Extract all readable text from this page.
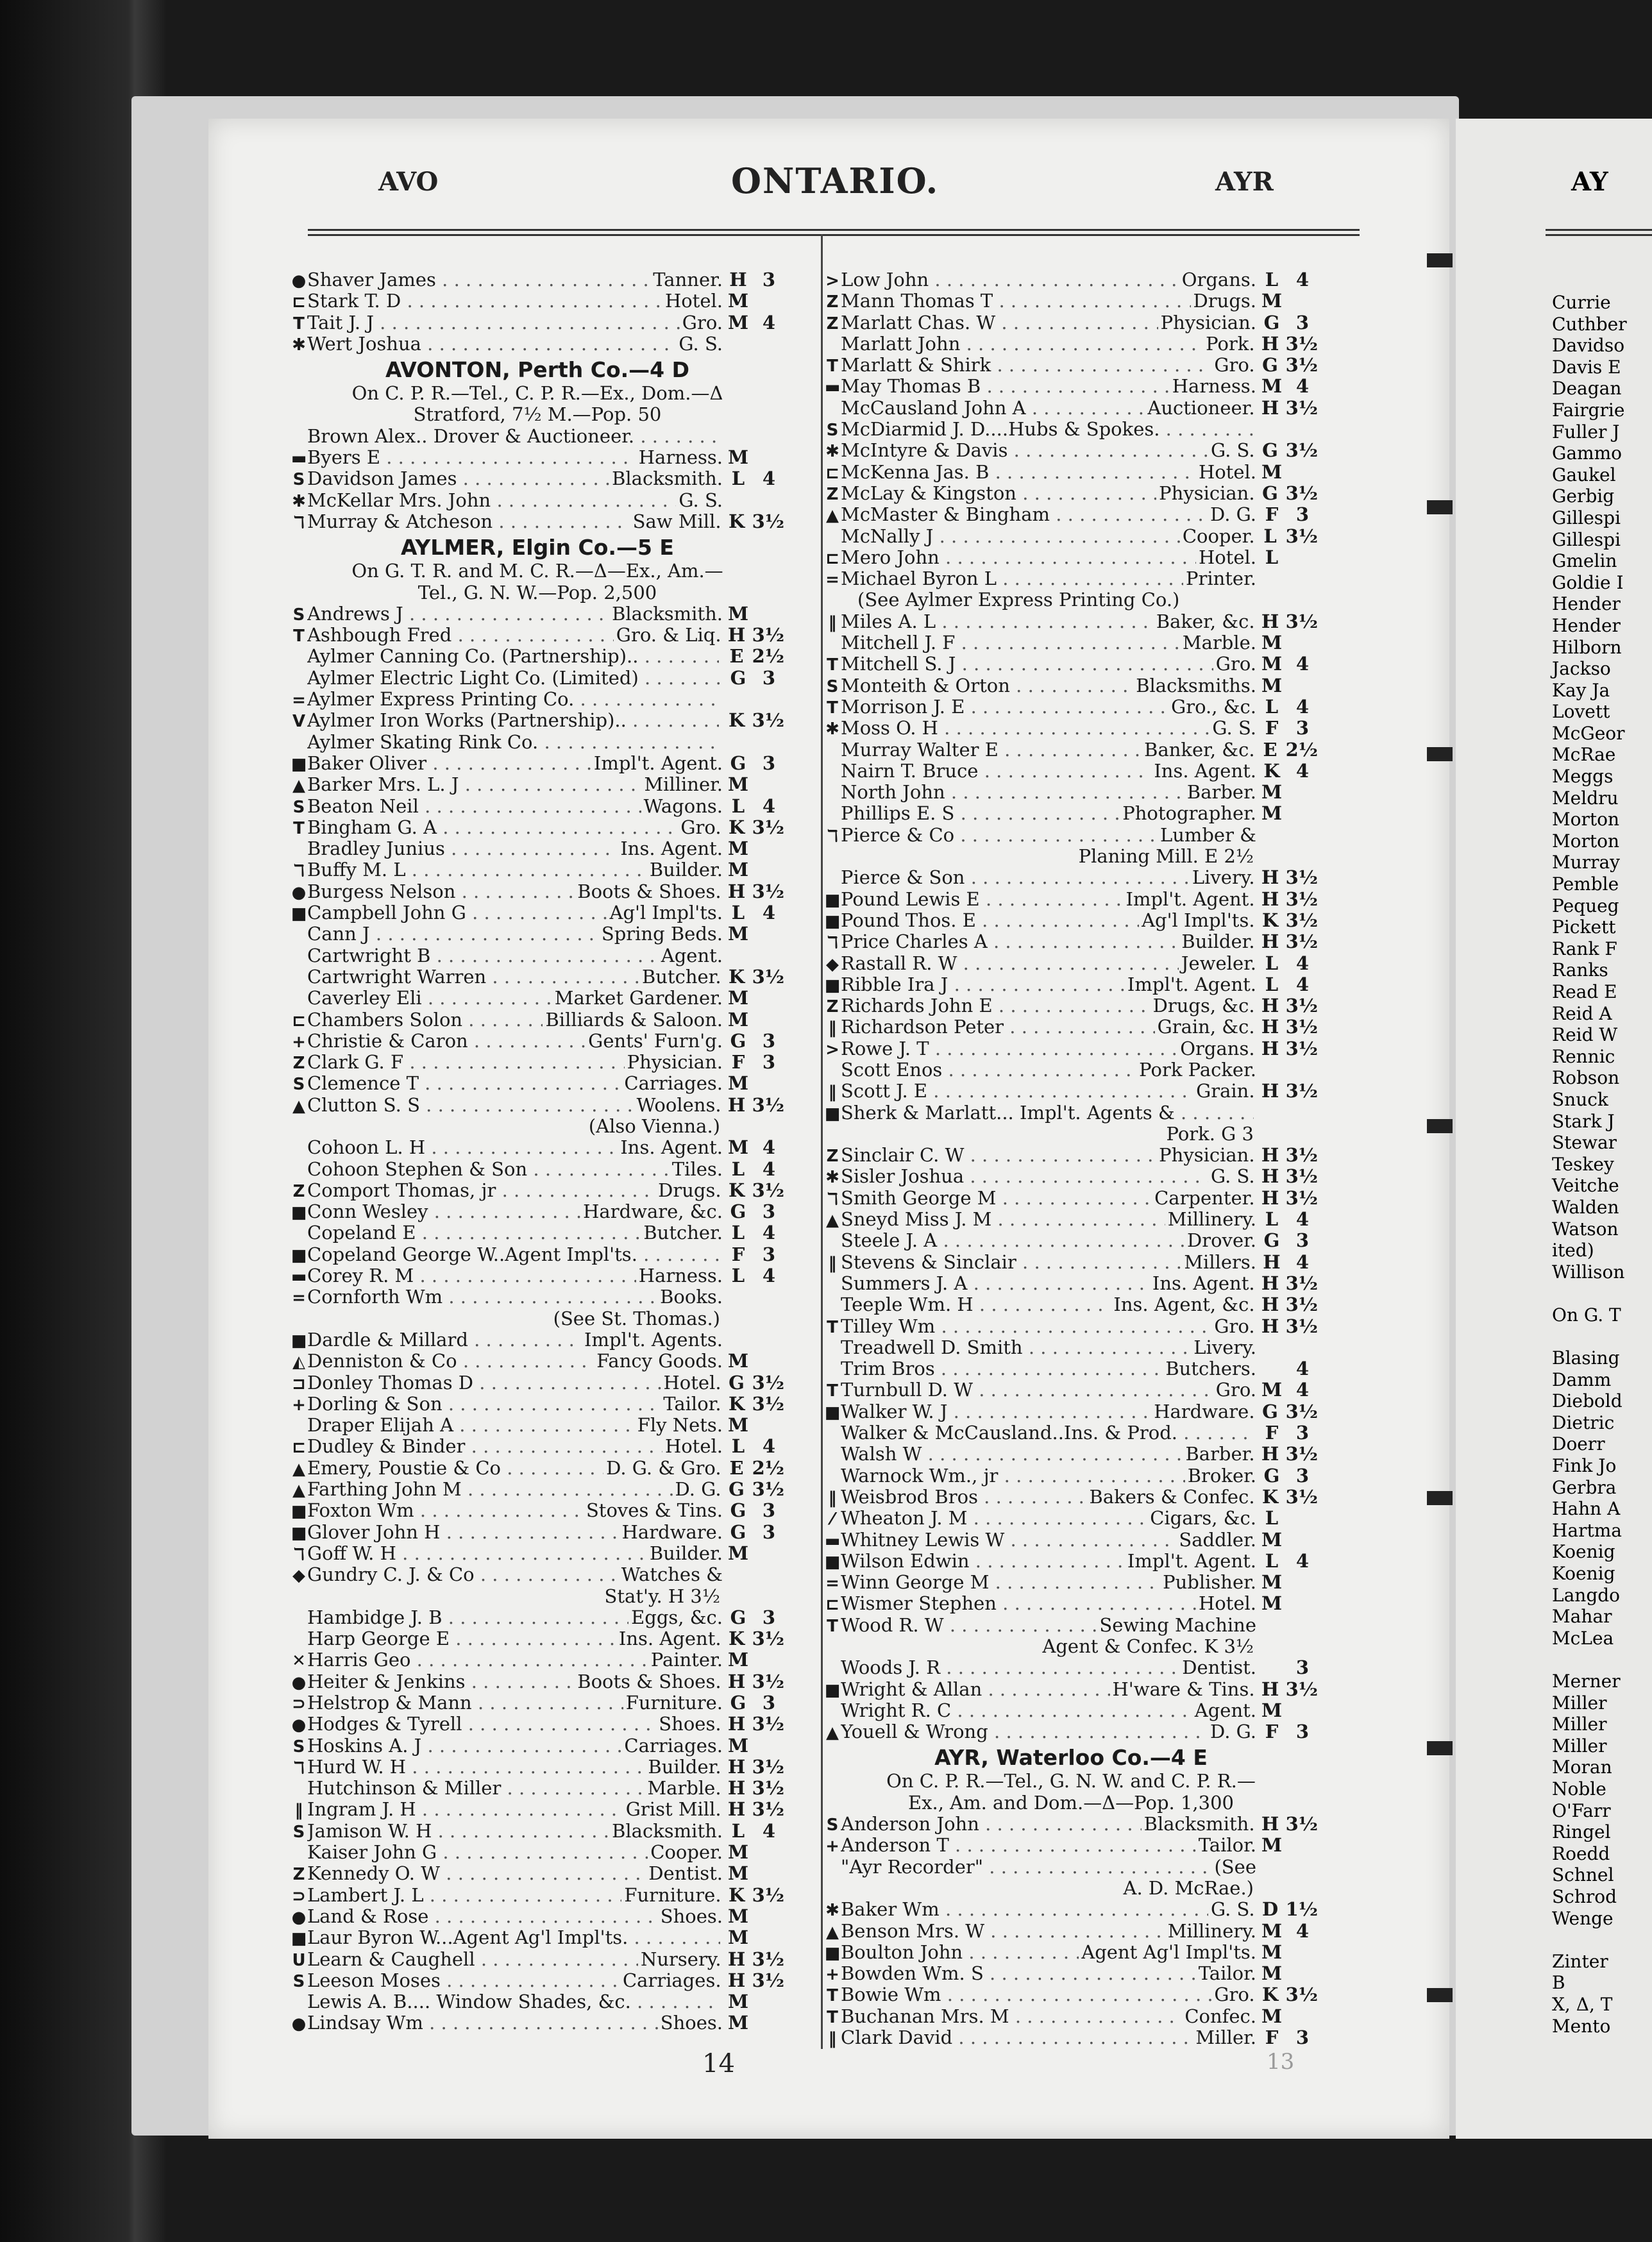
AVO	ONTARIO.	AYR
● Shaver James . . .	Tanner. H 3
⊏ Stark T. D . . .	Hotel. M
T Tait J. J . . .	Gro. M 4
✱ Wert Joshua . . .	G. S.
AVONTON, Perth Co.—4 D
On C. P. R.—Tel., C. P. R.—Ex., Dom.—Δ
Stratford, 7½ M.—Pop. 50
Brown Alex.. Drover & Auctioneer. . . .
▬ Byers E . . .	Harness. M
S Davidson James . . .	Blacksmith. L 4
✱ McKellar Mrs. John . . .	G. S.
ℸ Murray & Atcheson . . .	Saw Mill. K 3½
AYLMER, Elgin Co.—5 E
On G. T. R. and M. C. R.—Δ—Ex., Am.—
Tel., G. N. W.—Pop. 2,500
S Andrews J . . .	Blacksmith. M
T Ashbough Fred . . .	Gro. & Liq. H 3½
Aylmer Canning Co. (Partnership).. . . .	E 2½
Aylmer Electric Light Co. (Limited) . . .	G 3
= Aylmer Express Printing Co. . . .
V Aylmer Iron Works (Partnership).. . . .	K 3½
Aylmer Skating Rink Co. . . .
■ Baker Oliver . . .	Impl't. Agent. G 3
▲ Barker Mrs. L. J . . .	Milliner. M
S Beaton Neil . . .	Wagons. L 4
T Bingham G. A . . .	Gro. K 3½
Bradley Junius . . .	Ins. Agent. M
ℸ Buffy M. L . . .	Builder. M
● Burgess Nelson . . .	Boots & Shoes. H 3½
■ Campbell John G . . .	Ag'l Impl'ts. L 4
Cann J . . .	Spring Beds. M
Cartwright B . . .	Agent.
Cartwright Warren . . .	Butcher. K 3½
Caverley Eli . . .	Market Gardener. M
⊏ Chambers Solon . . .	Billiards & Saloon. M
+ Christie & Caron . . .	Gents' Furn'g. G 3
Z Clark G. F . . .	Physician. F 3
S Clemence T . . .	Carriages. M
▲ Clutton S. S . . .	Woolens. H 3½
(Also Vienna.)
Cohoon L. H . . .	Ins. Agent. M 4
Cohoon Stephen & Son . . .	Tiles. L 4
Z Comport Thomas, jr . . .	Drugs. K 3½
■ Conn Wesley . . .	Hardware, &c. G 3
Copeland E . . .	Butcher. L 4
■ Copeland George W..Agent Impl'ts. . . .	F 3
▬ Corey R. M . . .	Harness. L 4
= Cornforth Wm . . .	Books.
(See St. Thomas.)
■ Dardle & Millard . . .	Impl't. Agents.
◭ Denniston & Co . . .	Fancy Goods. M
⊐ Donley Thomas D . . .	Hotel. G 3½
+ Dorling & Son . . .	Tailor. K 3½
Draper Elijah A . . .	Fly Nets. M
⊏ Dudley & Binder . . .	Hotel. L 4
▲ Emery, Poustie & Co . . .	D. G. & Gro. E 2½
▲ Farthing John M . . .	D. G. G 3½
■ Foxton Wm . . .	Stoves & Tins. G 3
■ Glover John H . . .	Hardware. G 3
ℸ Goff W. H . . .	Builder. M
◆ Gundry C. J. & Co . . .	Watches &
Stat'y. H 3½
Hambidge J. B . . .	Eggs, &c. G 3
Harp George E . . .	Ins. Agent. K 3½
✕ Harris Geo . . .	Painter. M
● Heiter & Jenkins . . .	Boots & Shoes. H 3½
⊃ Helstrop & Mann . . .	Furniture. G 3
● Hodges & Tyrell . . .	Shoes. H 3½
S Hoskins A. J . . .	Carriages. M
ℸ Hurd W. H . . .	Builder. H 3½
Hutchinson & Miller . . .	Marble. H 3½
‖ Ingram J. H . . .	Grist Mill. H 3½
S Jamison W. H . . .	Blacksmith. L 4
Kaiser John G . . .	Cooper. M
Z Kennedy O. W . . .	Dentist. M
⊃ Lambert J. L . . .	Furniture. K 3½
● Land & Rose . . .	Shoes. M
■ Laur Byron W...Agent Ag'l Impl'ts. . . .	M
U Learn & Caughell . . .	Nursery. H 3½
S Leeson Moses . . .	Carriages. H 3½
Lewis A. B.... Window Shades, &c. . . .	M
● Lindsay Wm . . .	Shoes. M
> Low John . . .	Organs. L 4
Z Mann Thomas T . . .	Drugs. M
Z Marlatt Chas. W . . .	Physician. G 3
Marlatt John . . .	Pork. H 3½
T Marlatt & Shirk . . .	Gro. G 3½
▬ May Thomas B . . .	Harness. M 4
McCausland John A . . .	Auctioneer. H 3½
S McDiarmid J. D....Hubs & Spokes. . . .
✱ McIntyre & Davis . . .	G. S. G 3½
⊏ McKenna Jas. B . . .	Hotel. M
Z McLay & Kingston . . .	Physician. G 3½
▲ McMaster & Bingham . . .	D. G. F 3
McNally J . . .	Cooper. L 3½
⊏ Mero John . . .	Hotel. L
= Michael Byron L . . .	Printer.
(See Aylmer Express Printing Co.)
‖ Miles A. L . . .	Baker, &c. H 3½
Mitchell J. F . . .	Marble. M
T Mitchell S. J . . .	Gro. M 4
S Monteith & Orton . . .	Blacksmiths. M
T Morrison J. E . . .	Gro., &c. L 4
✱ Moss O. H . . .	G. S. F 3
Murray Walter E . . .	Banker, &c. E 2½
Nairn T. Bruce . . .	Ins. Agent. K 4
North John . . .	Barber. M
Phillips E. S . . .	Photographer. M
ℸ Pierce & Co . . .	Lumber &
Planing Mill. E 2½
Pierce & Son . . .	Livery. H 3½
■ Pound Lewis E . . .	Impl't. Agent. H 3½
■ Pound Thos. E . . .	Ag'l Impl'ts. K 3½
ℸ Price Charles A . . .	Builder. H 3½
◆ Rastall R. W . . .	Jeweler. L 4
■ Ribble Ira J . . .	Impl't. Agent. L 4
Z Richards John E . . .	Drugs, &c. H 3½
‖ Richardson Peter . . .	Grain, &c. H 3½
> Rowe J. T . . .	Organs. H 3½
Scott Enos . . .	Pork Packer.
‖ Scott J. E . . .	Grain. H 3½
■ Sherk & Marlatt... Impl't. Agents & . . .
Pork. G 3
Z Sinclair C. W . . .	Physician. H 3½
✱ Sisler Joshua . . .	G. S. H 3½
ℸ Smith George M . . .	Carpenter. H 3½
▲ Sneyd Miss J. M . . .	Millinery. L 4
Steele J. A . . .	Drover. G 3
‖ Stevens & Sinclair . . .	Millers. H 4
Summers J. A . . .	Ins. Agent. H 3½
Teeple Wm. H . . .	Ins. Agent, &c. H 3½
T Tilley Wm . . .	Gro. H 3½
Treadwell D. Smith . . .	Livery.
Trim Bros . . .	Butchers.	4
T Turnbull D. W . . .	Gro. M 4
■ Walker W. J . . .	Hardware. G 3½
Walker & McCausland..Ins. & Prod. . . .	F 3
Walsh W . . .	Barber. H 3½
Warnock Wm., jr . . .	Broker. G 3
‖ Weisbrod Bros . . .	Bakers & Confec. K 3½
⁄ Wheaton J. M . . .	Cigars, &c. L
▬ Whitney Lewis W . . .	Saddler. M
■ Wilson Edwin . . .	Impl't. Agent. L 4
= Winn George M . . .	Publisher. M
⊏ Wismer Stephen . . .	Hotel. M
T Wood R. W . . .	Sewing Machine
Agent & Confec. K 3½
Woods J. R . . .	Dentist.	3
■ Wright & Allan . . .	H'ware & Tins. H 3½
Wright R. C . . .	Agent. M
▲ Youell & Wrong . . .	D. G. F 3
AYR, Waterloo Co.—4 E
On C. P. R.—Tel., G. N. W. and C. P. R.—
Ex., Am. and Dom.—Δ—Pop. 1,300
S Anderson John . . .	Blacksmith. H 3½
+ Anderson T . . .	Tailor. M
"Ayr Recorder" . . .	(See
A. D. McRae.)
✱ Baker Wm . . .	G. S. D 1½
▲ Benson Mrs. W . . .	Millinery. M 4
■ Boulton John . . .	Agent Ag'l Impl'ts. M
+ Bowden Wm. S . . .	Tailor. M
T Bowie Wm . . .	Gro. K 3½
T Buchanan Mrs. M . . .	Confec. M
‖ Clark David . . .	Miller. F 3
14	13
AY
Currie
Cuthber
Davidso
Davis E
Deagan
Fairgrie
Fuller J
Gammo
Gaukel
Gerbig
Gillespi
Gillespi
Gmelin
Goldie I
Hender
Hender
Hilborn
Jackso
Kay Ja
Lovett
McGeor
McRae
Meggs
Meldru
Morton
Morton
Murray
Pemble
Pequeg
Pickett
Rank F
Ranks
Read E
Reid A
Reid W
Rennic
Robson
Snuck
Stark J
Stewar
Teskey
Veitche
Walden
Watson
ited)
Willison
On G. T
Blasing
Damm
Diebold
Dietric
Doerr
Fink Jo
Gerbra
Hahn A
Hartma
Koenig
Koenig
Langdo
Mahar
McLea
Merner
Miller
Miller
Miller
Moran
Noble
O'Farr
Ringel
Roedd
Schnel
Schrod
Wenge
Zinter
B
X, Δ, T
Mento
